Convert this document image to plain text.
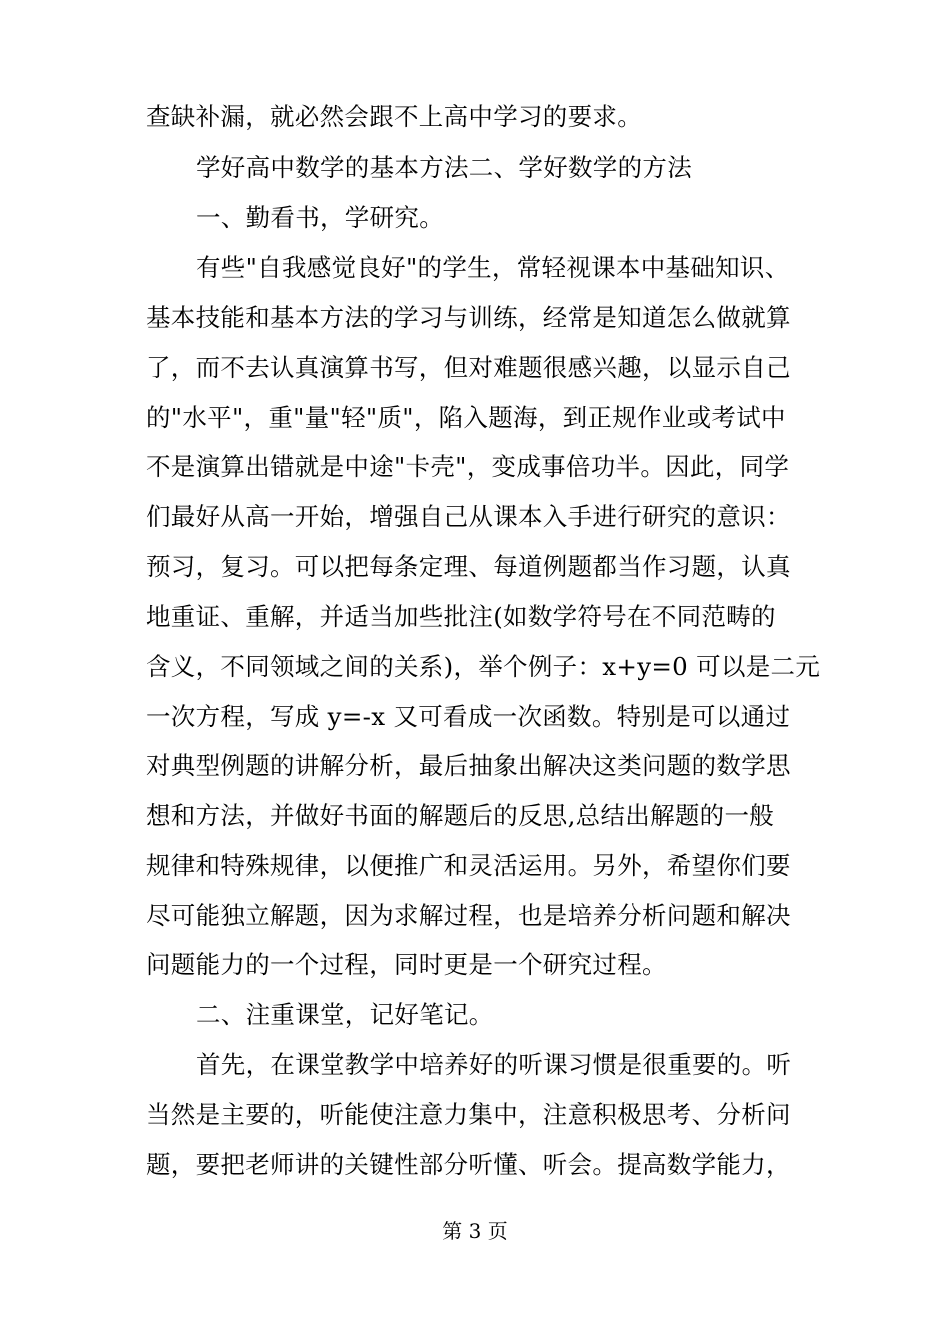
查缺补漏，就必然会跟不上高中学习的要求。
学好高中数学的基本方法二、学好数学的方法
一、勤看书，学研究。
有些"自我感觉良好"的学生，常轻视课本中基础知识、
基本技能和基本方法的学习与训练，经常是知道怎么做就算
了，而不去认真演算书写，但对难题很感兴趣，以显示自己
的"水平"，重"量"轻"质"，陷入题海，到正规作业或考试中
不是演算出错就是中途"卡壳"，变成事倍功半。因此，同学
们最好从高一开始，增强自己从课本入手进行研究的意识：
预习，复习。可以把每条定理、每道例题都当作习题，认真
地重证、重解，并适当加些批注(如数学符号在不同范畴的
含义，不同领域之间的关系)，举个例子：x+y=0 可以是二元
一次方程，写成 y=-x 又可看成一次函数。特别是可以通过
对典型例题的讲解分析，最后抽象出解决这类问题的数学思
想和方法，并做好书面的解题后的反思,总结出解题的一般
规律和特殊规律，以便推广和灵活运用。另外，希望你们要
尽可能独立解题，因为求解过程，也是培养分析问题和解决
问题能力的一个过程，同时更是一个研究过程。
二、注重课堂，记好笔记。
首先，在课堂教学中培养好的听课习惯是很重要的。听
当然是主要的，听能使注意力集中，注意积极思考、分析问
题，要把老师讲的关键性部分听懂、听会。提高数学能力，
第 3 页
